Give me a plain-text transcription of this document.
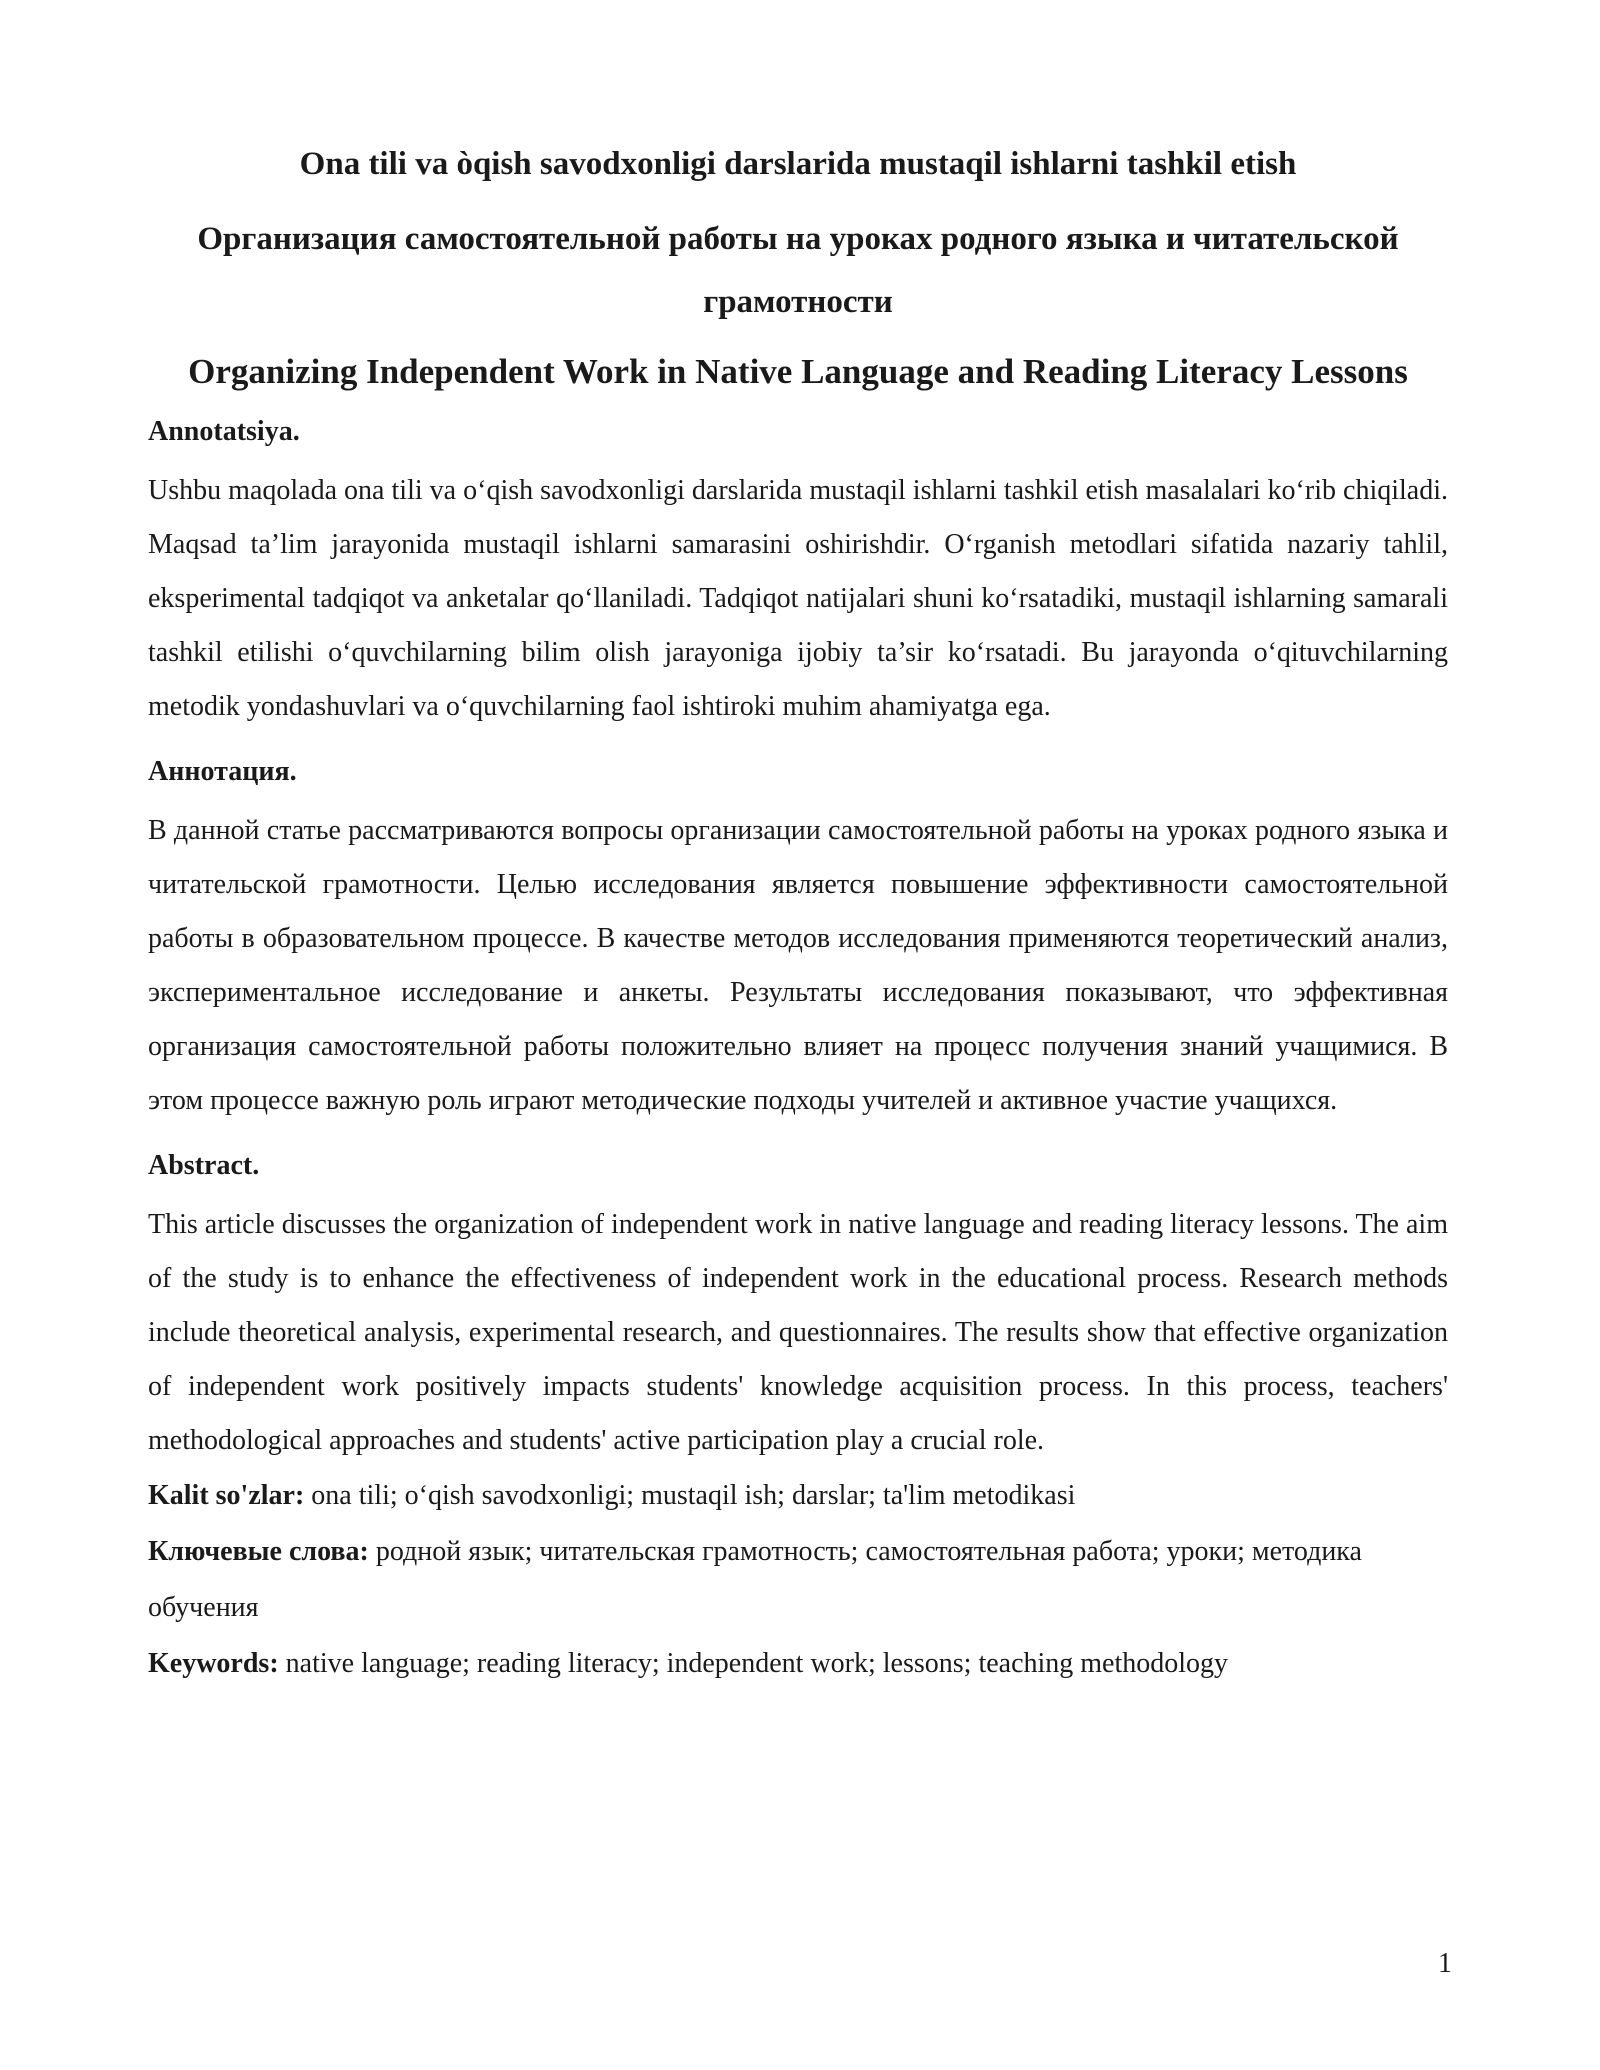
Ona tili va òqish savodxonligi darslarida mustaqil ishlarni tashkil etish

Организация самостоятельной работы на уроках родного языка и читательской грамотности

Organizing Independent Work in Native Language and Reading Literacy Lessons

Annotatsiya.

Ushbu maqolada ona tili va o‘qish savodxonligi darslarida mustaqil ishlarni tashkil etish masalalari ko‘rib chiqiladi. Maqsad ta’lim jarayonida mustaqil ishlarni samarasini oshirishdir. O‘rganish metodlari sifatida nazariy tahlil, eksperimental tadqiqot va anketalar qo‘llaniladi. Tadqiqot natijalari shuni ko‘rsatadiki, mustaqil ishlarning samarali tashkil etilishi o‘quvchilarning bilim olish jarayoniga ijobiy ta’sir ko‘rsatadi. Bu jarayonda o‘qituvchilarning metodik yondashuvlari va o‘quvchilarning faol ishtiroki muhim ahamiyatga ega.

Аннотация.

В данной статье рассматриваются вопросы организации самостоятельной работы на уроках родного языка и читательской грамотности. Целью исследования является повышение эффективности самостоятельной работы в образовательном процессе. В качестве методов исследования применяются теоретический анализ, экспериментальное исследование и анкеты. Результаты исследования показывают, что эффективная организация самостоятельной работы положительно влияет на процесс получения знаний учащимися. В этом процессе важную роль играют методические подходы учителей и активное участие учащихся.

Abstract.

This article discusses the organization of independent work in native language and reading literacy lessons. The aim of the study is to enhance the effectiveness of independent work in the educational process. Research methods include theoretical analysis, experimental research, and questionnaires. The results show that effective organization of independent work positively impacts students' knowledge acquisition process. In this process, teachers' methodological approaches and students' active participation play a crucial role.

Kalit so'zlar: ona tili; o‘qish savodxonligi; mustaqil ish; darslar; ta'lim metodikasi

Ключевые слова: родной язык; читательская грамотность; самостоятельная работа; уроки; методика обучения

Keywords: native language; reading literacy; independent work; lessons; teaching methodology

1
